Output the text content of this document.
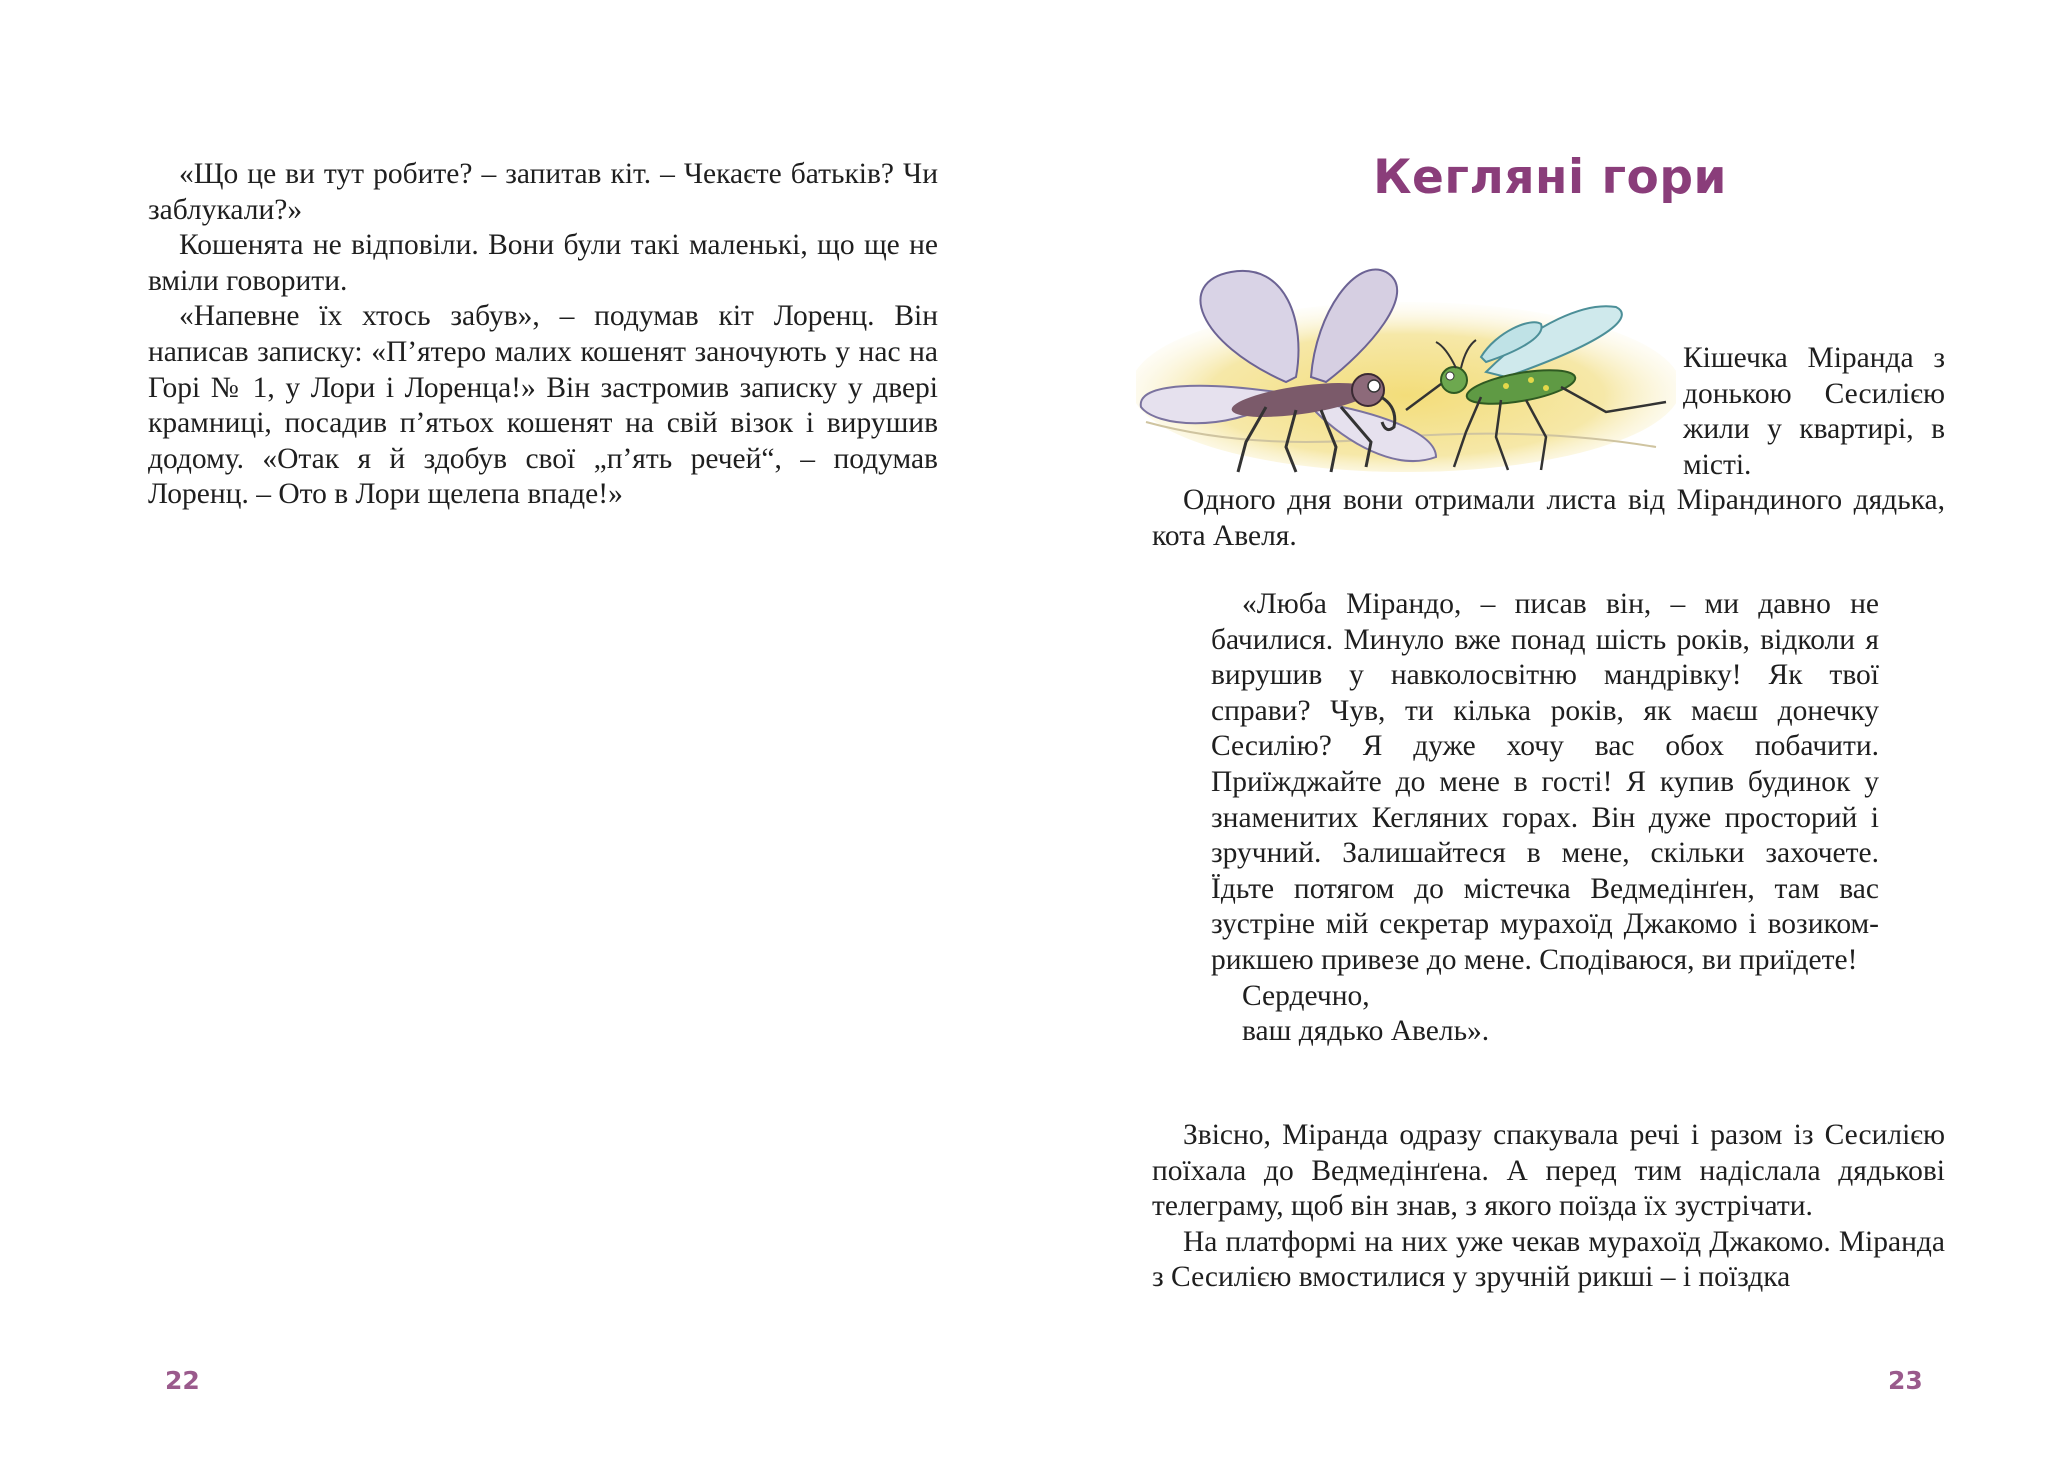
«Що це ви тут робите? – запитав кіт. – Чекаєте батьків? Чи заблукали?»

Кошенята не відповіли. Вони були такі маленькі, що ще не вміли говорити.

«Напевне їх хтось забув», – подумав кіт Лоренц. Він написав записку: «П’ятеро малих кошенят заночують у нас на Горі № 1, у Лори і Лоренца!» Він застромив записку у двері крамниці, посадив п’ятьох кошенят на свій візок і вирушив додому. «Отак я й здобув свої „п’ять речей“, – подумав Лоренц. – Ото в Лори щелепа впаде!»

22
Кеглянi гори

Кішечка Міранда з донькою Сесилією жили у квартирі, в місті.

Одного дня вони отримали листа від Мірандиного дядька, кота Авеля.

«Люба Мірандо, – писав він, – ми давно не бачилися. Минуло вже понад шість років, відколи я вирушив у навколосвітню мандрівку! Як твої справи? Чув, ти кілька років, як маєш донечку Сесилію? Я дуже хочу вас обох побачити. Приїжджайте до мене в гості! Я купив будинок у знаменитих Кегляних горах. Він дуже просторий і зручний. Залишайтеся в мене, скільки захочете. Їдьте потягом до містечка Ведмедінґен, там вас зустріне мій секретар мурахоїд Джакомо і возиком-рикшею привезе до мене. Сподіваюся, ви приїдете!

Сердечно,

ваш дядько Авель».

Звісно, Міранда одразу спакувала речі і разом із Сесилією поїхала до Ведмедінґена. А перед тим надіслала дядькові телеграму, щоб він знав, з якого поїзда їх зустрічати.

На платформі на них уже чекав мурахоїд Джакомо. Міранда з Сесилією вмостилися у зручній рикші – і поїздка

23
